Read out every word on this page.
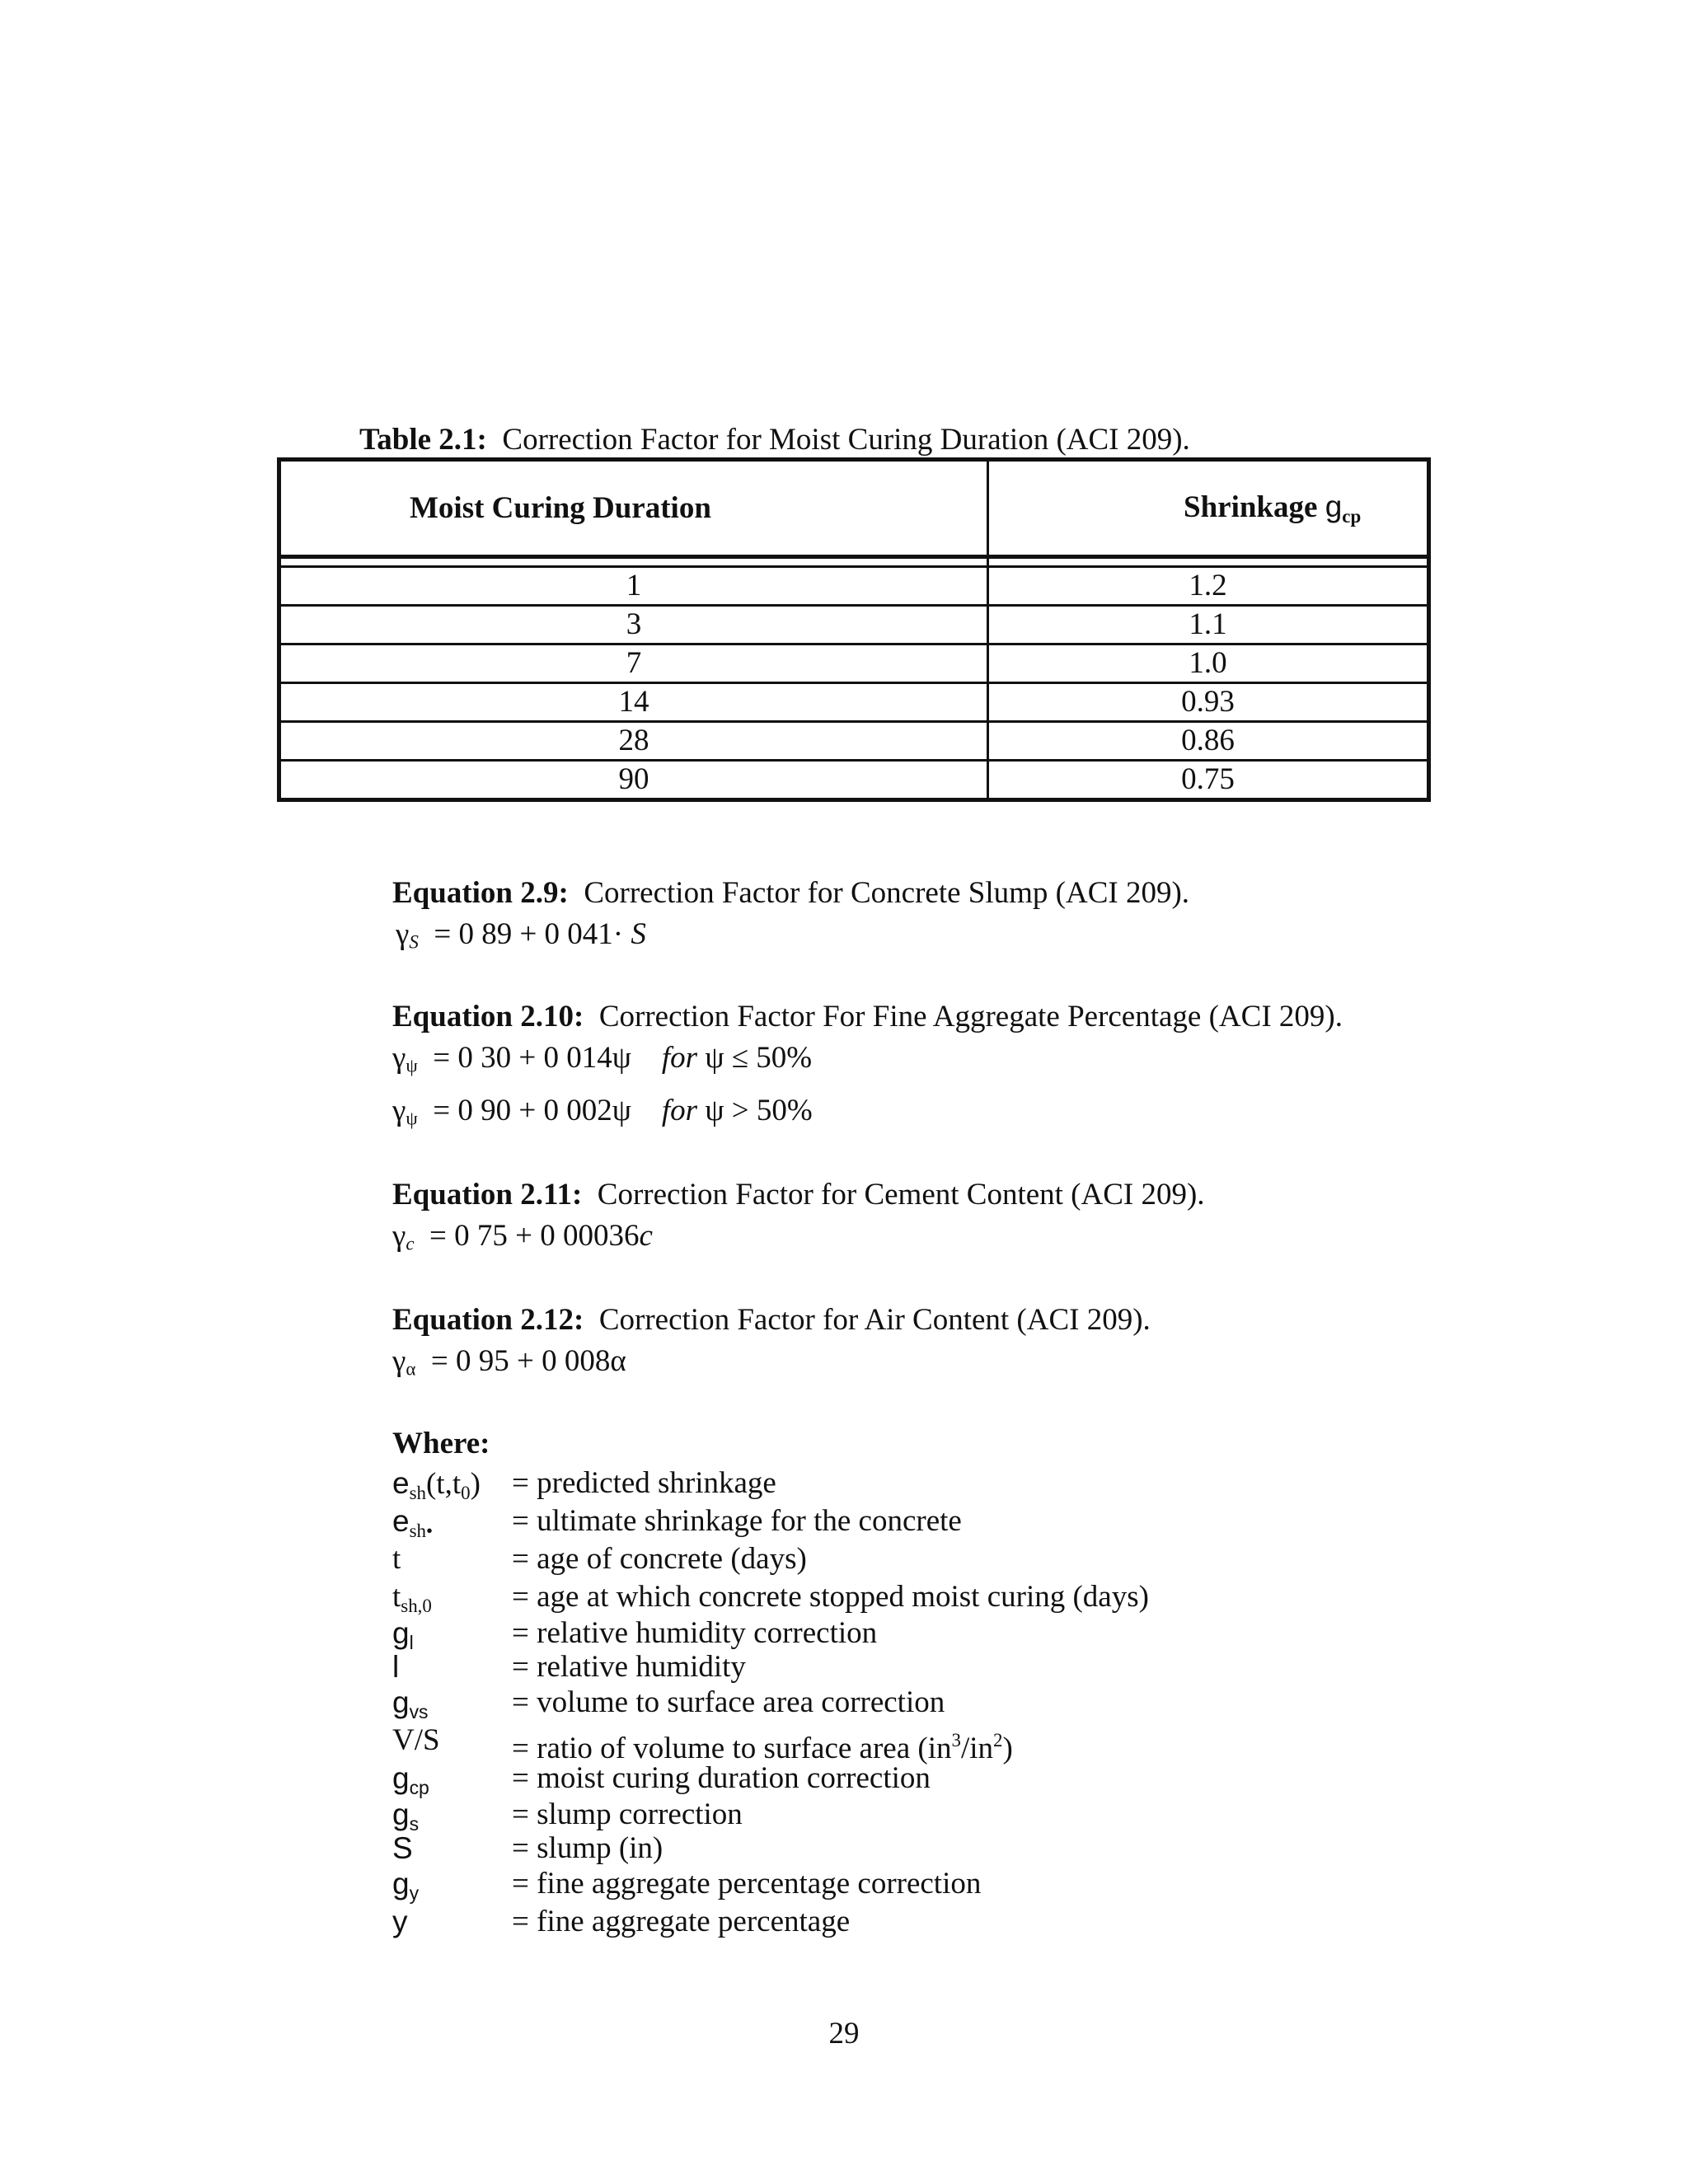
Table 2.1: Correction Factor for Moist Curing Duration (ACI 209).
Moist Curing Duration	Shrinkage gcp

1	1.2
3	1.1
7	1.0
14	0.93
28	0.86
90	0.75
Equation 2.9: Correction Factor for Concrete Slump (ACI 209).
γS = 0 89 + 0 041· S
Equation 2.10: Correction Factor For Fine Aggregate Percentage (ACI 209).
γψ = 0 30 + 0 014ψ for ψ ≤ 50%
γψ = 0 90 + 0 002ψ for ψ > 50%
Equation 2.11: Correction Factor for Cement Content (ACI 209).
γc = 0 75 + 0 00036c
Equation 2.12: Correction Factor for Air Content (ACI 209).
γα = 0 95 + 0 008α
Where:
$e_{sh}(t,t_0)$ = predicted shrinkage
$e_{sh•}$	= ultimate shrinkage for the concrete
t	= age of concrete (days)
$t_{sh,0}$	= age at which concrete stopped moist curing (days)
$g_l$	= relative humidity correction
l	= relative humidity
$g_{vs}$	= volume to surface area correction
V/S = ratio of volume to surface area $(in^3/in^2)$
$g_{cp}$	= moist curing duration correction
$g_s$	= slump correction
S	= slump (in)
$g_y$	= fine aggregate percentage correction
y	= fine aggregate percentage
29
